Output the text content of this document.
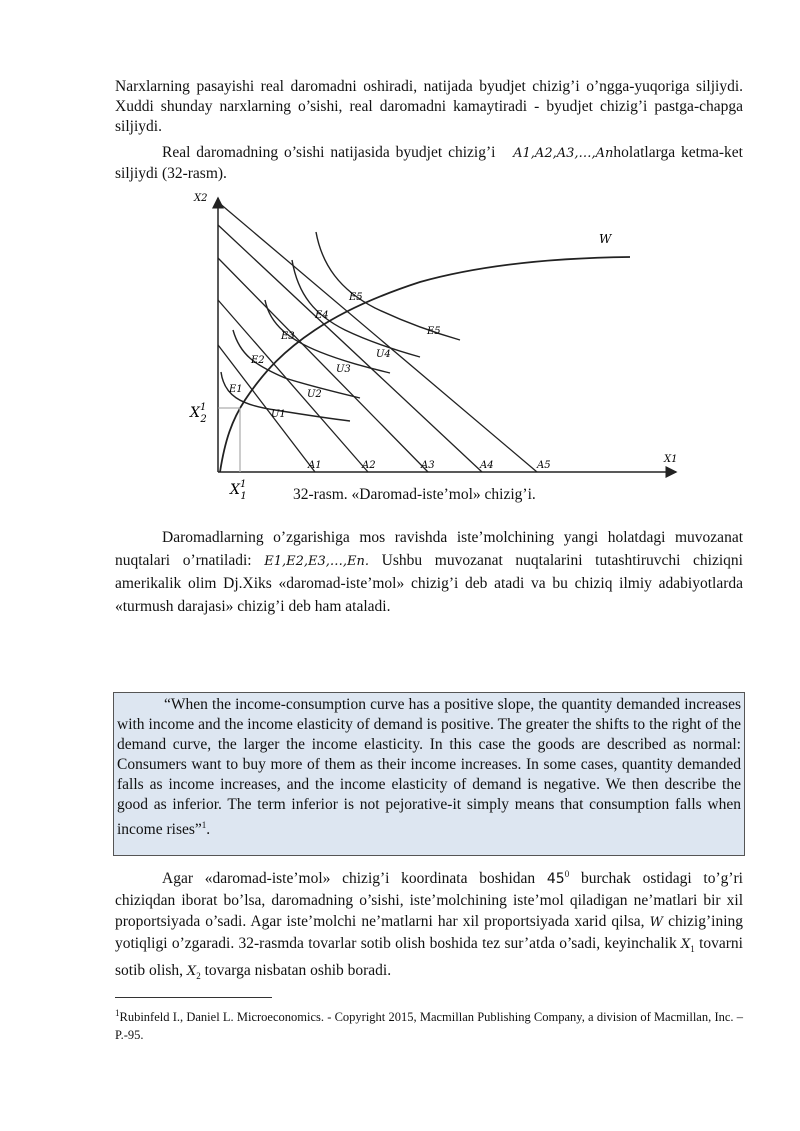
Narxlarning pasayishi real daromadni oshiradi, natijada byudjet chizig’i o’ngga-yuqoriga siljiydi. Xuddi shunday narxlarning o’sishi, real daromadni kamaytiradi - byudjet chizig’i pastga-chapga siljiydi.

Real daromadning o’sishi natijasida byudjet chizig’i   A1,A2,A3,…,Anholatlarga ketma-ket siljiydi (32-rasm).

X2
X1
A1	A2	A3	A4	A5
W
E1
E2
E3
E4
E5
U1
U2
U3
U4
E5
$X^1$ 2
$X^1$ 1	32-rasm. «Daromad-iste’mol» chizig’i.

Daromadlarning o’zgarishiga mos ravishda iste’molchining yangi holatdagi muvozanat nuqtalari o’rnatiladi: E1,E2,E3,…,En. Ushbu muvozanat nuqtalarini tutashtiruvchi chiziqni amerikalik olim Dj.Xiks «daromad-iste’mol» chizig’i deb atadi va bu chiziq ilmiy adabiyotlarda «turmush darajasi» chizig’i deb ham ataladi.

“When the income-consumption curve has a positive slope, the quantity demanded increases with income and the income elasticity of demand is positive. The greater the shifts to the right of the demand curve, the larger the income elasticity. In this case the goods are described as normal: Consumers want to buy more of them as their income increases. In some cases, quantity demanded falls as income increases, and the income elasticity of demand is negative. We then describe the good as inferior. The term inferior is not pejorative-it simply means that consumption falls when income rises”$^1$.

Agar «daromad-iste’mol» chizig’i koordinata boshidan $45^0$ burchak ostidagi to’g’ri chiziqdan iborat bo’lsa, daromadning o’sishi, iste’molchining iste’mol qiladigan ne’matlari bir xil proportsiyada o’sadi. Agar iste’molchi ne’matlarni har xil proportsiyada xarid qilsa, W chizig’ining yotiqligi o’zgaradi. 32-rasmda tovarlar sotib olish boshida tez sur’atda o’sadi, keyinchalik $X_1$ tovarni sotib olish, $X_2$ tovarga nisbatan oshib boradi.

$^1$Rubinfeld I., Daniel L. Microeconomics. - Copyright 2015, Macmillan Publishing Company, a division of Macmillan, Inc. –P.-95.
